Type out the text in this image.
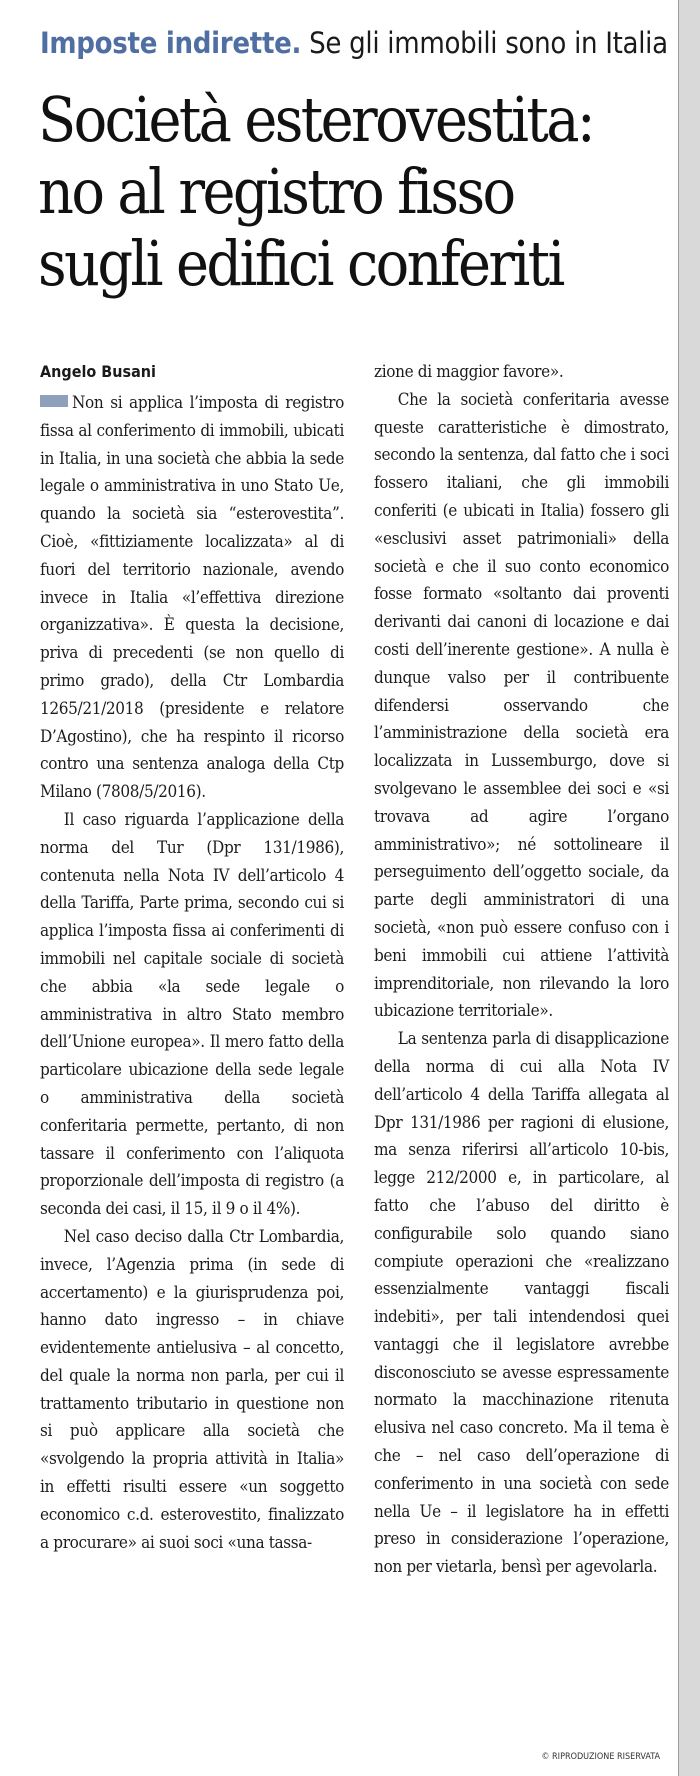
Imposte indirette. Se gli immobili sono in Italia
Società esterovestita:
no al registro fisso
sugli edifici conferiti
Angelo Busani

Non si applica l’imposta di registro fissa al conferimento di immobili, ubicati in Italia, in una società che abbia la sede legale o amministrativa in uno Stato Ue, quando la società sia “esterovestita”. Cioè, «fittiziamente localizzata» al di fuori del territorio nazionale, avendo invece in Italia «l’effettiva direzione organizzativa». È questa la decisione, priva di precedenti (se non quello di primo grado), della Ctr Lombardia 1265/21/2018 (presidente e relatore D’Agostino), che ha respinto il ricorso contro una sentenza analoga della Ctp Milano (7808/5/2016).

Il caso riguarda l’applicazione della norma del Tur (Dpr 131/1986), contenuta nella Nota IV dell’articolo 4 della Tariffa, Parte prima, secondo cui si applica l’imposta fissa ai conferimenti di immobili nel capitale sociale di società che abbia «la sede legale o amministrativa in altro Stato membro dell’Unione europea». Il mero fatto della particolare ubicazione della sede legale o amministrativa della società conferitaria permette, pertanto, di non tassare il conferimento con l’aliquota proporzionale dell’imposta di registro (a seconda dei casi, il 15, il 9 o il 4%).

Nel caso deciso dalla Ctr Lombardia, invece, l’Agenzia prima (in sede di accertamento) e la giurisprudenza poi, hanno dato ingresso – in chiave evidentemente antielusiva – al concetto, del quale la norma non parla, per cui il trattamento tributario in questione non si può applicare alla società che «svolgendo la propria attività in Italia» in effetti risulti essere «un soggetto economico c.d. esterovestito, finalizzato a procurare» ai suoi soci «una tassa-

zione di maggior favore».

Che la società conferitaria avesse queste caratteristiche è dimostrato, secondo la sentenza, dal fatto che i soci fossero italiani, che gli immobili conferiti (e ubicati in Italia) fossero gli «esclusivi asset patrimoniali» della società e che il suo conto economico fosse formato «soltanto dai proventi derivanti dai canoni di locazione e dai costi dell’inerente gestione». A nulla è dunque valso per il contribuente difendersi osservando che l’amministrazione della società era localizzata in Lussemburgo, dove si svolgevano le assemblee dei soci e «si trovava ad agire l’organo amministrativo»; né sottolineare il perseguimento dell’oggetto sociale, da parte degli amministratori di una società, «non può essere confuso con i beni immobili cui attiene l’attività imprenditoriale, non rilevando la loro ubicazione territoriale».

La sentenza parla di disapplicazione della norma di cui alla Nota IV dell’articolo 4 della Tariffa allegata al Dpr 131/1986 per ragioni di elusione, ma senza riferirsi all’articolo 10-bis, legge 212/2000 e, in particolare, al fatto che l’abuso del diritto è configurabile solo quando siano compiute operazioni che «realizzano essenzialmente vantaggi fiscali indebiti», per tali intendendosi quei vantaggi che il legislatore avrebbe disconosciuto se avesse espressamente normato la macchinazione ritenuta elusiva nel caso concreto. Ma il tema è che – nel caso dell’operazione di conferimento in una società con sede nella Ue – il legislatore ha in effetti preso in considerazione l’operazione, non per vietarla, bensì per agevolarla.

© RIPRODUZIONE RISERVATA
